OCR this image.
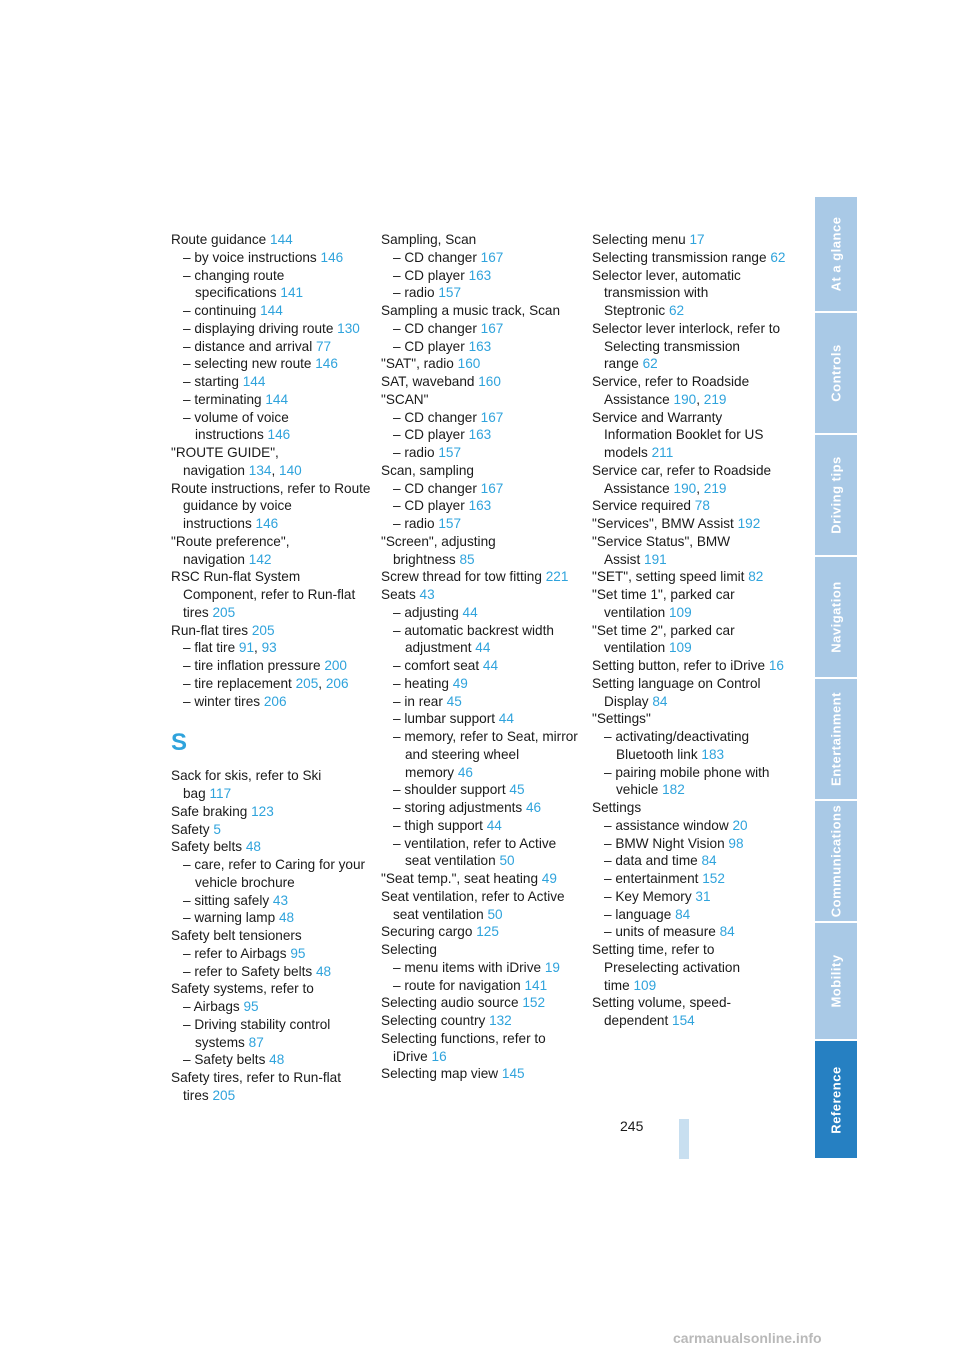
Route guidance 144
– by voice instructions 146
– changing route specifications 141
– continuing 144
– displaying driving route 130
– distance and arrival 77
– selecting new route 146
– starting 144
– terminating 144
– volume of voice instructions 146
"ROUTE GUIDE", navigation 134, 140
Route instructions, refer to Route guidance by voice instructions 146
"Route preference", navigation 142
RSC Run-flat System Component, refer to Run-flat tires 205
Run-flat tires 205
– flat tire 91, 93
– tire inflation pressure 200
– tire replacement 205, 206
– winter tires 206
S
Sack for skis, refer to Ski bag 117
Safe braking 123
Safety 5
Safety belts 48
– care, refer to Caring for your vehicle brochure
– sitting safely 43
– warning lamp 48
Safety belt tensioners
– refer to Airbags 95
– refer to Safety belts 48
Safety systems, refer to
– Airbags 95
– Driving stability control systems 87
– Safety belts 48
Safety tires, refer to Run-flat tires 205
Sampling, Scan
– CD changer 167
– CD player 163
– radio 157
Sampling a music track, Scan
– CD changer 167
– CD player 163
"SAT", radio 160
SAT, waveband 160
"SCAN"
– CD changer 167
– CD player 163
– radio 157
Scan, sampling
– CD changer 167
– CD player 163
– radio 157
"Screen", adjusting brightness 85
Screw thread for tow fitting 221
Seats 43
– adjusting 44
– automatic backrest width adjustment 44
– comfort seat 44
– heating 49
– in rear 45
– lumbar support 44
– memory, refer to Seat, mirror and steering wheel memory 46
– shoulder support 45
– storing adjustments 46
– thigh support 44
– ventilation, refer to Active seat ventilation 50
"Seat temp.", seat heating 49
Seat ventilation, refer to Active seat ventilation 50
Securing cargo 125
Selecting
– menu items with iDrive 19
– route for navigation 141
Selecting audio source 152
Selecting country 132
Selecting functions, refer to iDrive 16
Selecting map view 145
Selecting menu 17
Selecting transmission range 62
Selector lever, automatic transmission with Steptronic 62
Selector lever interlock, refer to Selecting transmission range 62
Service, refer to Roadside Assistance 190, 219
Service and Warranty Information Booklet for US models 211
Service car, refer to Roadside Assistance 190, 219
Service required 78
"Services", BMW Assist 192
"Service Status", BMW Assist 191
"SET", setting speed limit 82
"Set time 1", parked car ventilation 109
"Set time 2", parked car ventilation 109
Setting button, refer to iDrive 16
Setting language on Control Display 84
"Settings"
– activating/deactivating Bluetooth link 183
– pairing mobile phone with vehicle 182
Settings
– assistance window 20
– BMW Night Vision 98
– data and time 84
– entertainment 152
– Key Memory 31
– language 84
– units of measure 84
Setting time, refer to Preselecting activation time 109
Setting volume, speed-dependent 154
245
At a glance
Controls
Driving tips
Navigation
Entertainment
Communications
Mobility
Reference
carmanualsonline.info
